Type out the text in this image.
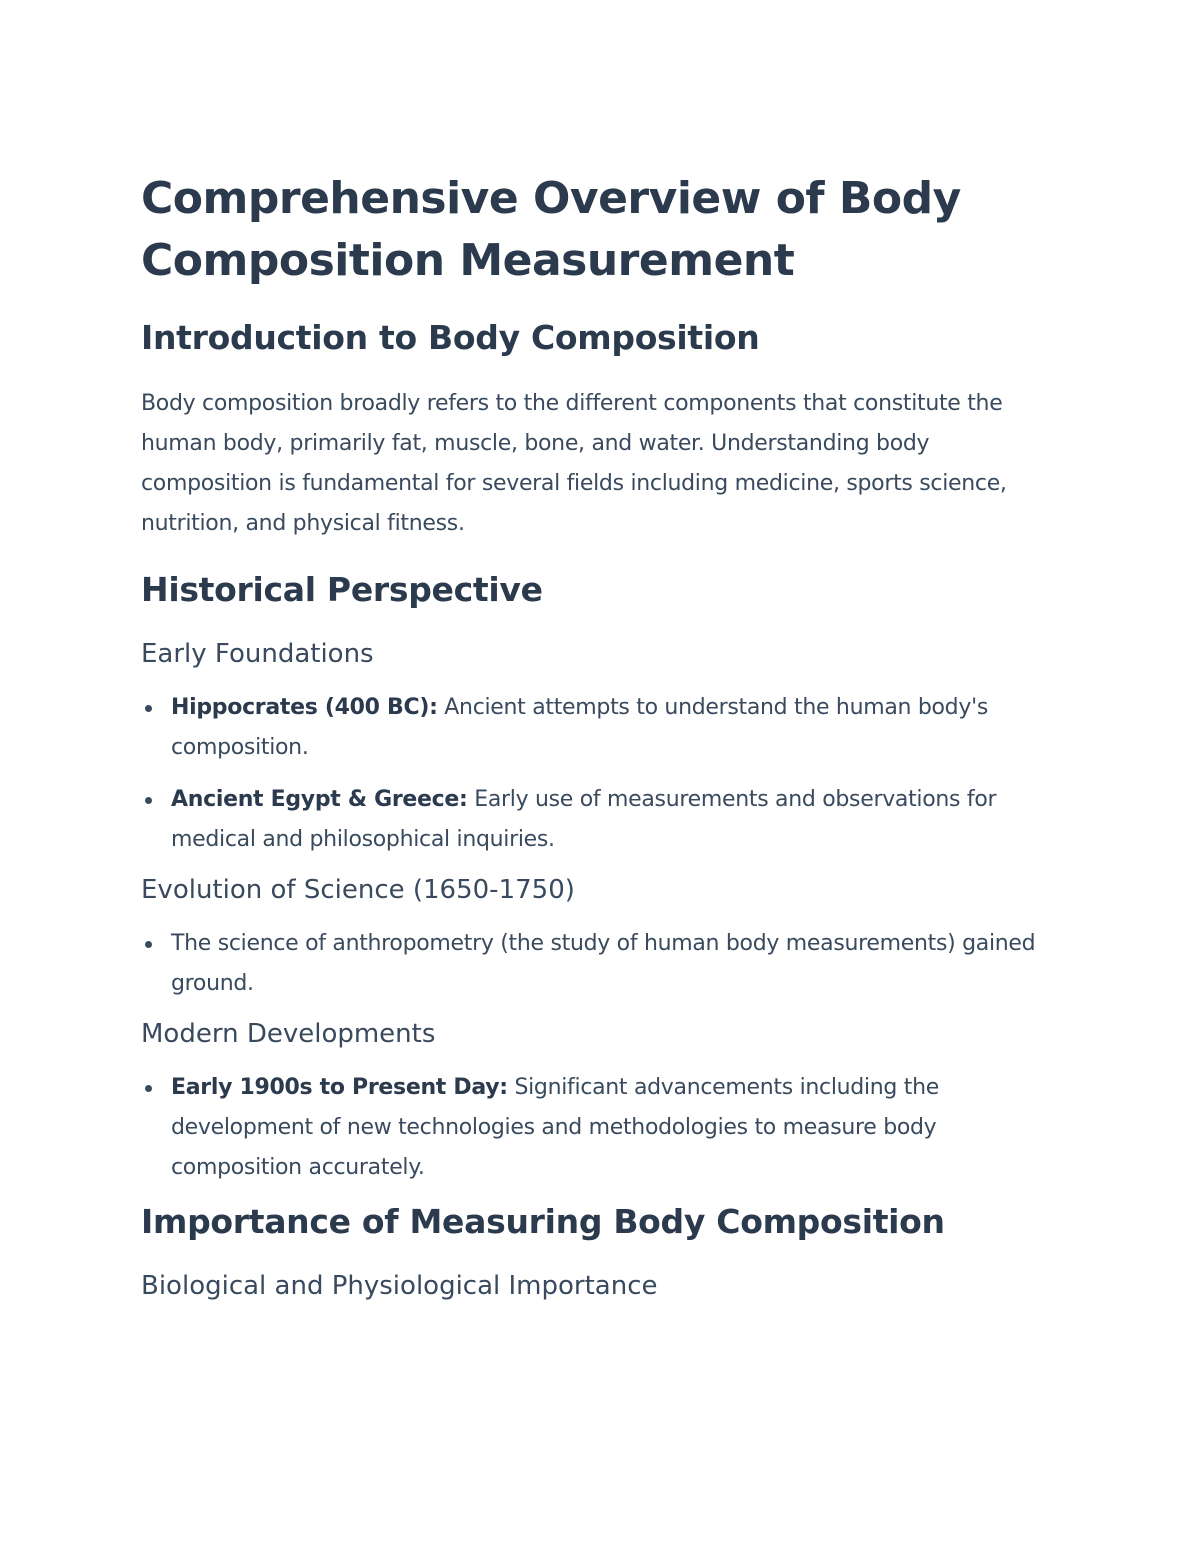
Comprehensive Overview of Body Composition Measurement
Introduction to Body Composition

Body composition broadly refers to the different components that constitute the human body, primarily fat, muscle, bone, and water. Understanding body composition is fundamental for several fields including medicine, sports science, nutrition, and physical fitness.

Historical Perspective
Early Foundations
Hippocrates (400 BC): Ancient attempts to understand the human body's composition.
Ancient Egypt & Greece: Early use of measurements and observations for medical and philosophical inquiries.
Evolution of Science (1650-1750)
The science of anthropometry (the study of human body measurements) gained ground.
Modern Developments
Early 1900s to Present Day: Significant advancements including the development of new technologies and methodologies to measure body composition accurately.
Importance of Measuring Body Composition
Biological and Physiological Importance
